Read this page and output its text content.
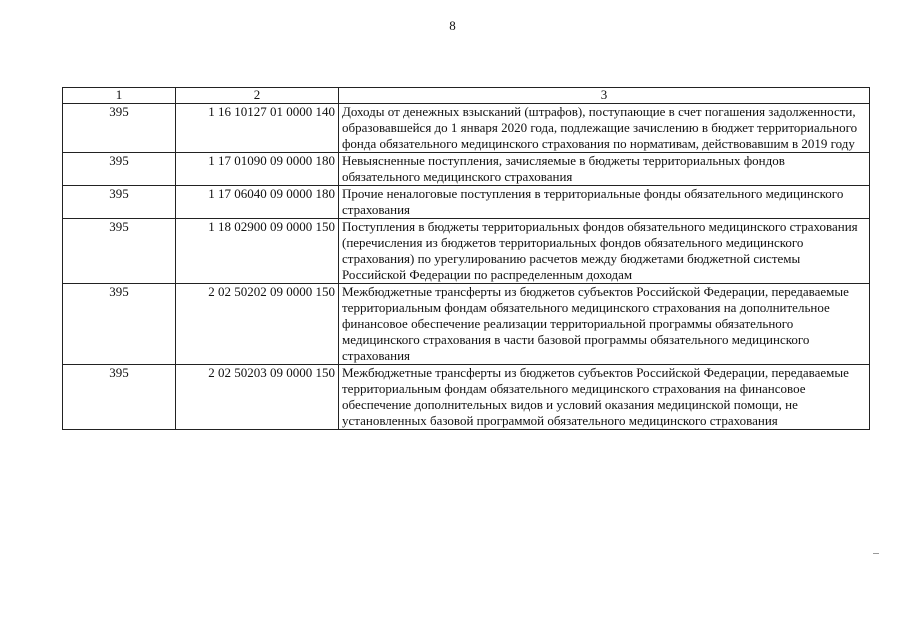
8
1	2	3
395	1 16 10127 01 0000 140	Доходы от денежных взысканий (штрафов), поступающие в счет погашения задолженности, образовавшейся до 1 января 2020 года, подлежащие зачислению в бюджет территориального фонда обязательного медицинского страхования по нормативам, действовавшим в 2019 году
395	1 17 01090 09 0000 180	Невыясненные поступления, зачисляемые в бюджеты территориальных фондов обязательного медицинского страхования
395	1 17 06040 09 0000 180	Прочие неналоговые поступления в территориальные фонды обязательного медицинского страхования
395	1 18 02900 09 0000 150	Поступления в бюджеты территориальных фондов обязательного медицинского страхования (перечисления из бюджетов территориальных фондов обязательного медицинского страхования) по урегулированию расчетов между бюджетами бюджетной системы Российской Федерации по распределенным доходам
395	2 02 50202 09 0000 150	Межбюджетные трансферты из бюджетов субъектов Российской Федерации, передаваемые территориальным фондам обязательного медицинского страхования на дополнительное финансовое обеспечение реализации территориальной программы обязательного медицинского страхования в части базовой программы обязательного медицинского страхования
395	2 02 50203 09 0000 150	Межбюджетные трансферты из бюджетов субъектов Российской Федерации, передаваемые территориальным фондам обязательного медицинского страхования на финансовое обеспечение дополнительных видов и условий оказания медицинской помощи, не установленных базовой программой обязательного медицинского страхования
